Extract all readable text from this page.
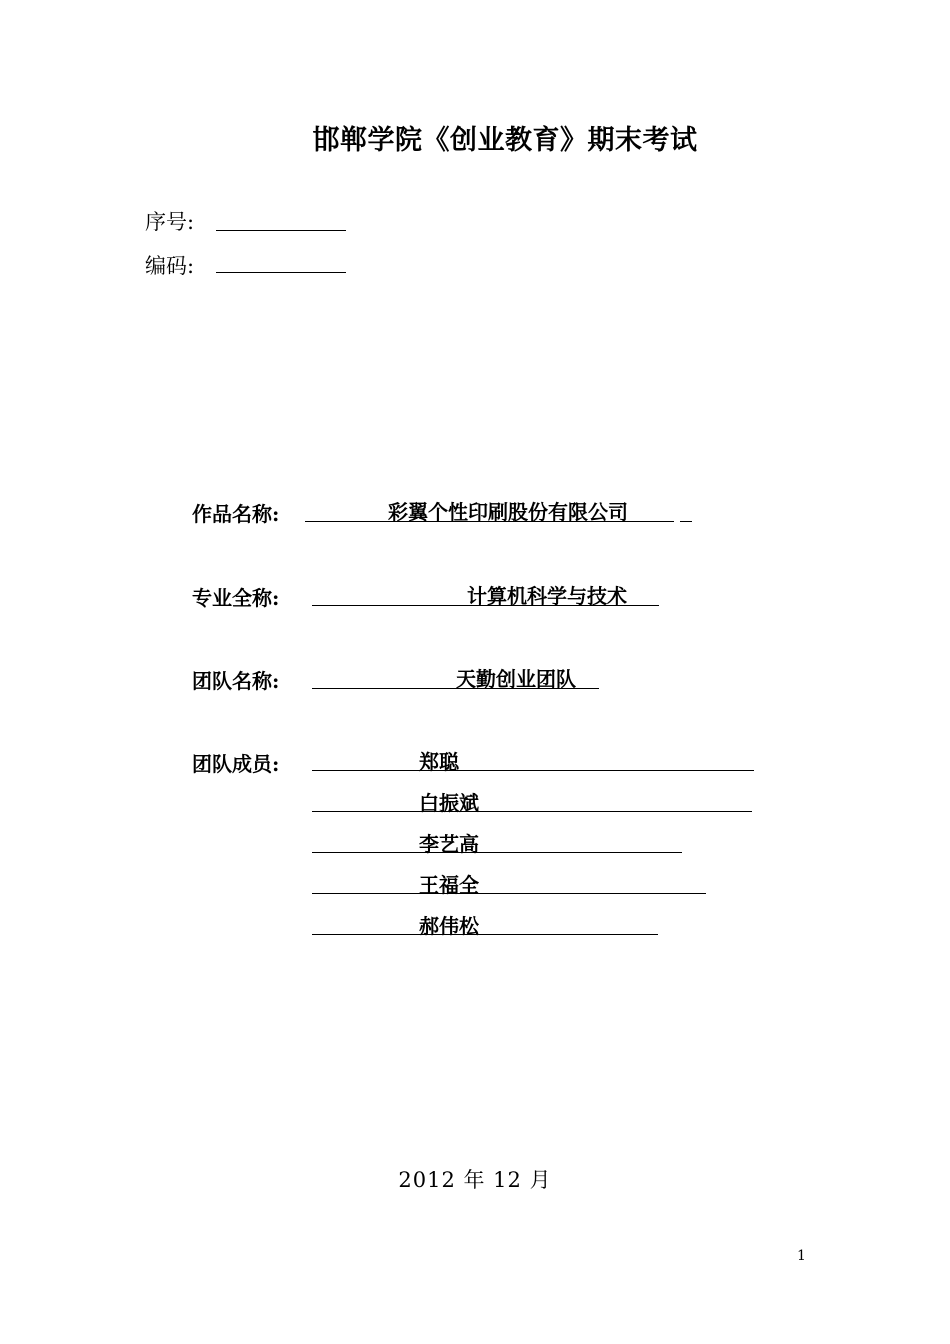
邯郸学院《创业教育》期末考试
序号:
编码:
作品名称:	彩翼个性印刷股份有限公司
专业全称:	计算机科学与技术
团队名称:	天勤创业团队
团队成员:	郑聪
白振斌
李艺高
王福全
郝伟松
2012 年 12 月
1
